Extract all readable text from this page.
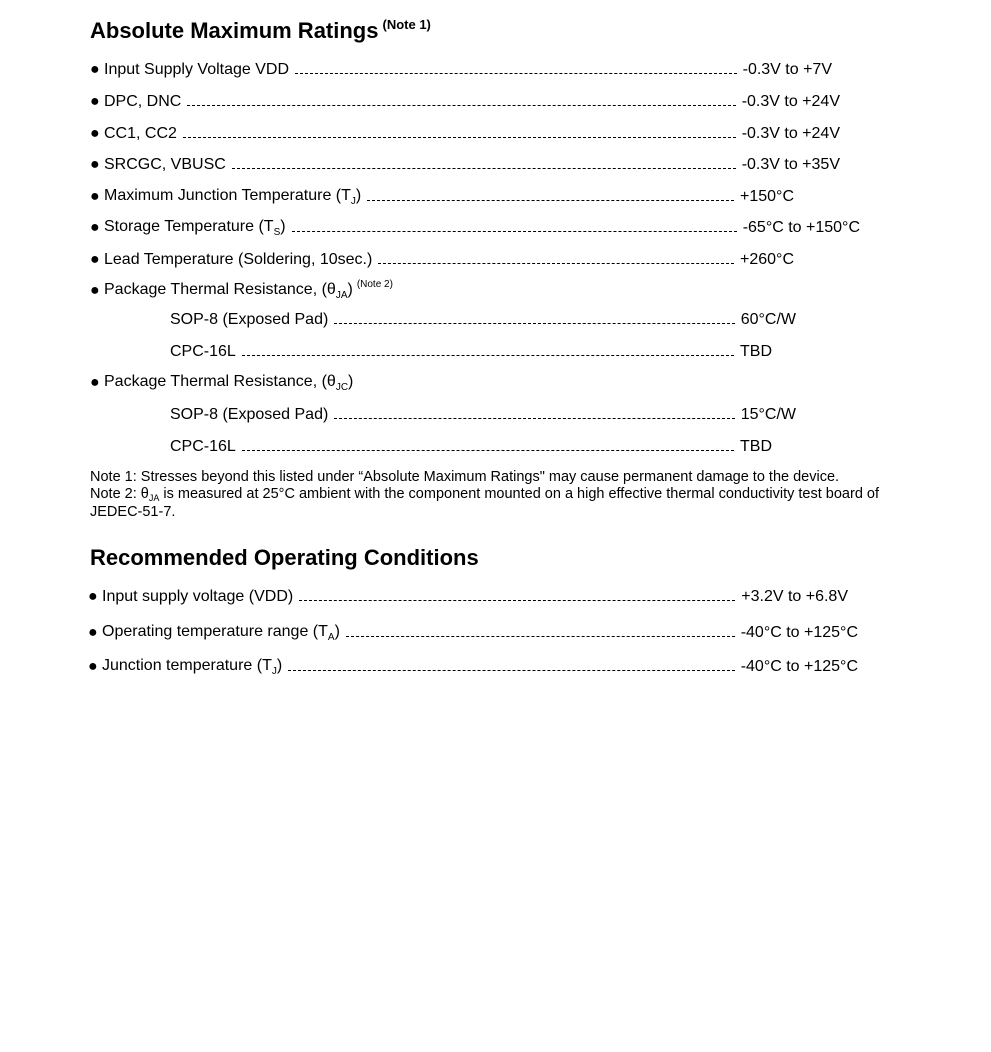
Absolute Maximum Ratings $^{(Note 1)}$
● Input Supply Voltage VDD	-0.3V to +7V
● DPC, DNC	-0.3V to +24V
● CC1, CC2	-0.3V to +24V
● SRCGC, VBUSC	-0.3V to +35V
● Maximum Junction Temperature $(T_J)$	+150°C
● Storage Temperature $(T_S)$	-65°C to +150°C
● Lead Temperature (Soldering, 10sec.)	+260°C
● Package Thermal Resistance, $(\theta_{JA})$ $^{(Note 2)}$
SOP-8 (Exposed Pad)	60°C/W
CPC-16L	TBD
● Package Thermal Resistance, $(\theta_{JC})$
SOP-8 (Exposed Pad)	15°C/W
CPC-16L	TBD
Note 1: Stresses beyond this listed under “Absolute Maximum Ratings" may cause permanent damage to the device.
Note 2: $\theta_{JA}$ is measured at 25°C ambient with the component mounted on a high effective thermal conductivity test board of JEDEC-51-7.
Recommended Operating Conditions
● Input supply voltage (VDD)	+3.2V to +6.8V
● Operating temperature range $(T_A)$	-40°C to +125°C
● Junction temperature $(T_J)$	-40°C to +125°C
